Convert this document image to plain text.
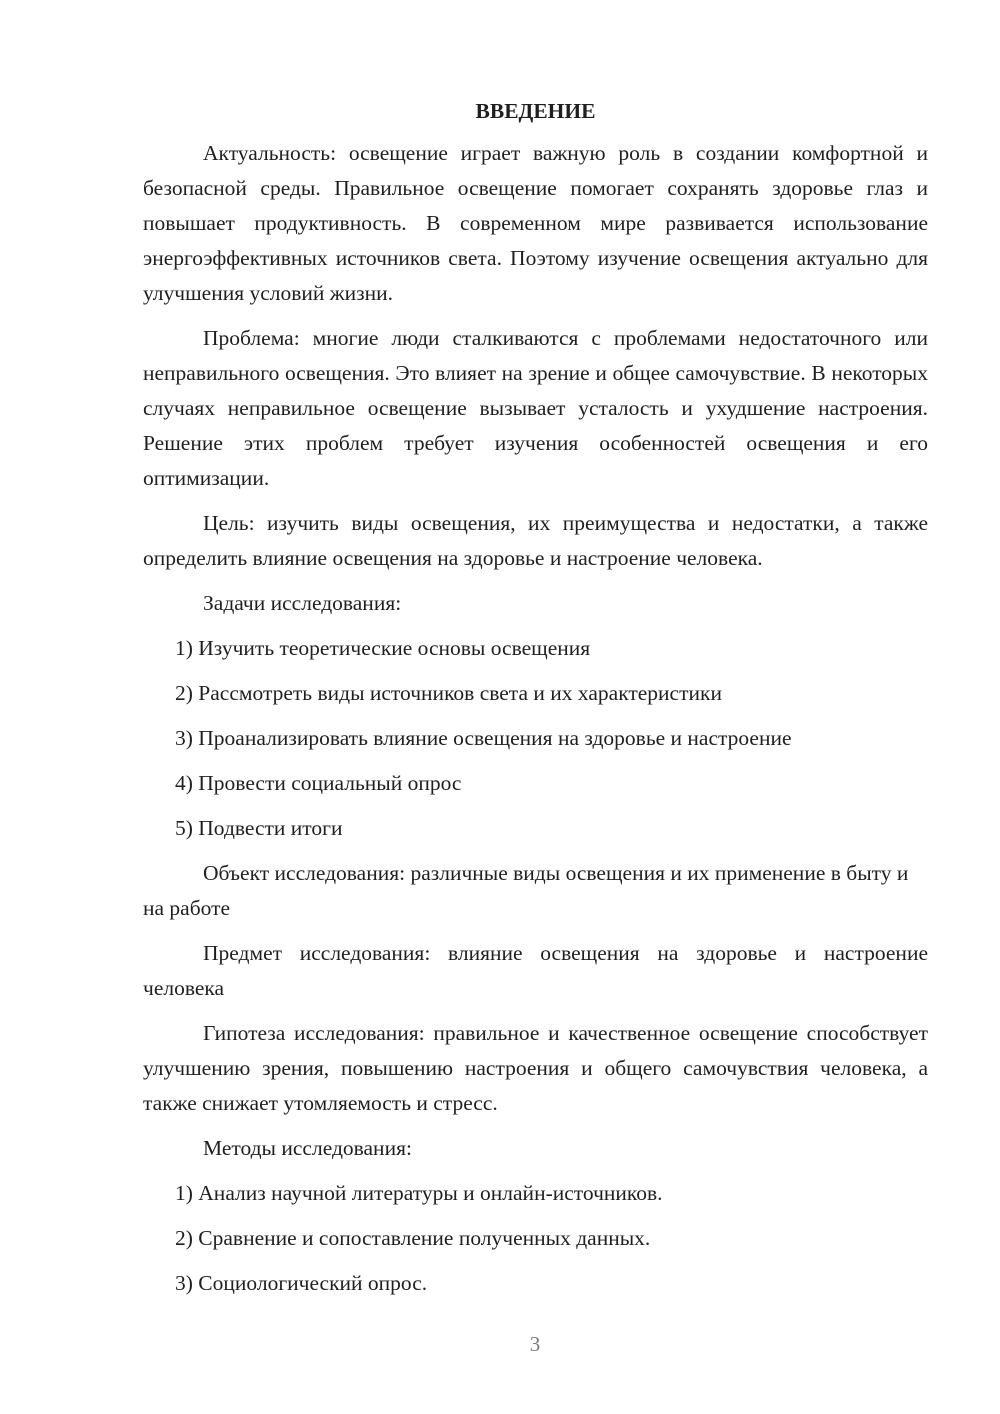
ВВЕДЕНИЕ

Актуальность: освещение играет важную роль в создании комфортной и безопасной среды. Правильное освещение помогает сохранять здоровье глаз и повышает продуктивность. В современном мире развивается использование энергоэффективных источников света. Поэтому изучение освещения актуально для улучшения условий жизни.

Проблема: многие люди сталкиваются с проблемами недостаточного или неправильного освещения. Это влияет на зрение и общее самочувствие. В некоторых случаях неправильное освещение вызывает усталость и ухудшение настроения. Решение этих проблем требует изучения особенностей освещения и его оптимизации.

Цель: изучить виды освещения, их преимущества и недостатки, а также определить влияние освещения на здоровье и настроение человека.

Задачи исследования:

1) Изучить теоретические основы освещения
2) Рассмотреть виды источников света и их характеристики
3) Проанализировать влияние освещения на здоровье и настроение
4) Провести социальный опрос
5) Подвести итоги

Объект исследования: различные виды освещения и их применение в быту и на работе

Предмет исследования: влияние освещения на здоровье и настроение человека

Гипотеза исследования: правильное и качественное освещение способствует улучшению зрения, повышению настроения и общего самочувствия человека, а также снижает утомляемость и стресс.

Методы исследования:

1) Анализ научной литературы и онлайн-источников.
2) Сравнение и сопоставление полученных данных.
3) Социологический опрос.
3
